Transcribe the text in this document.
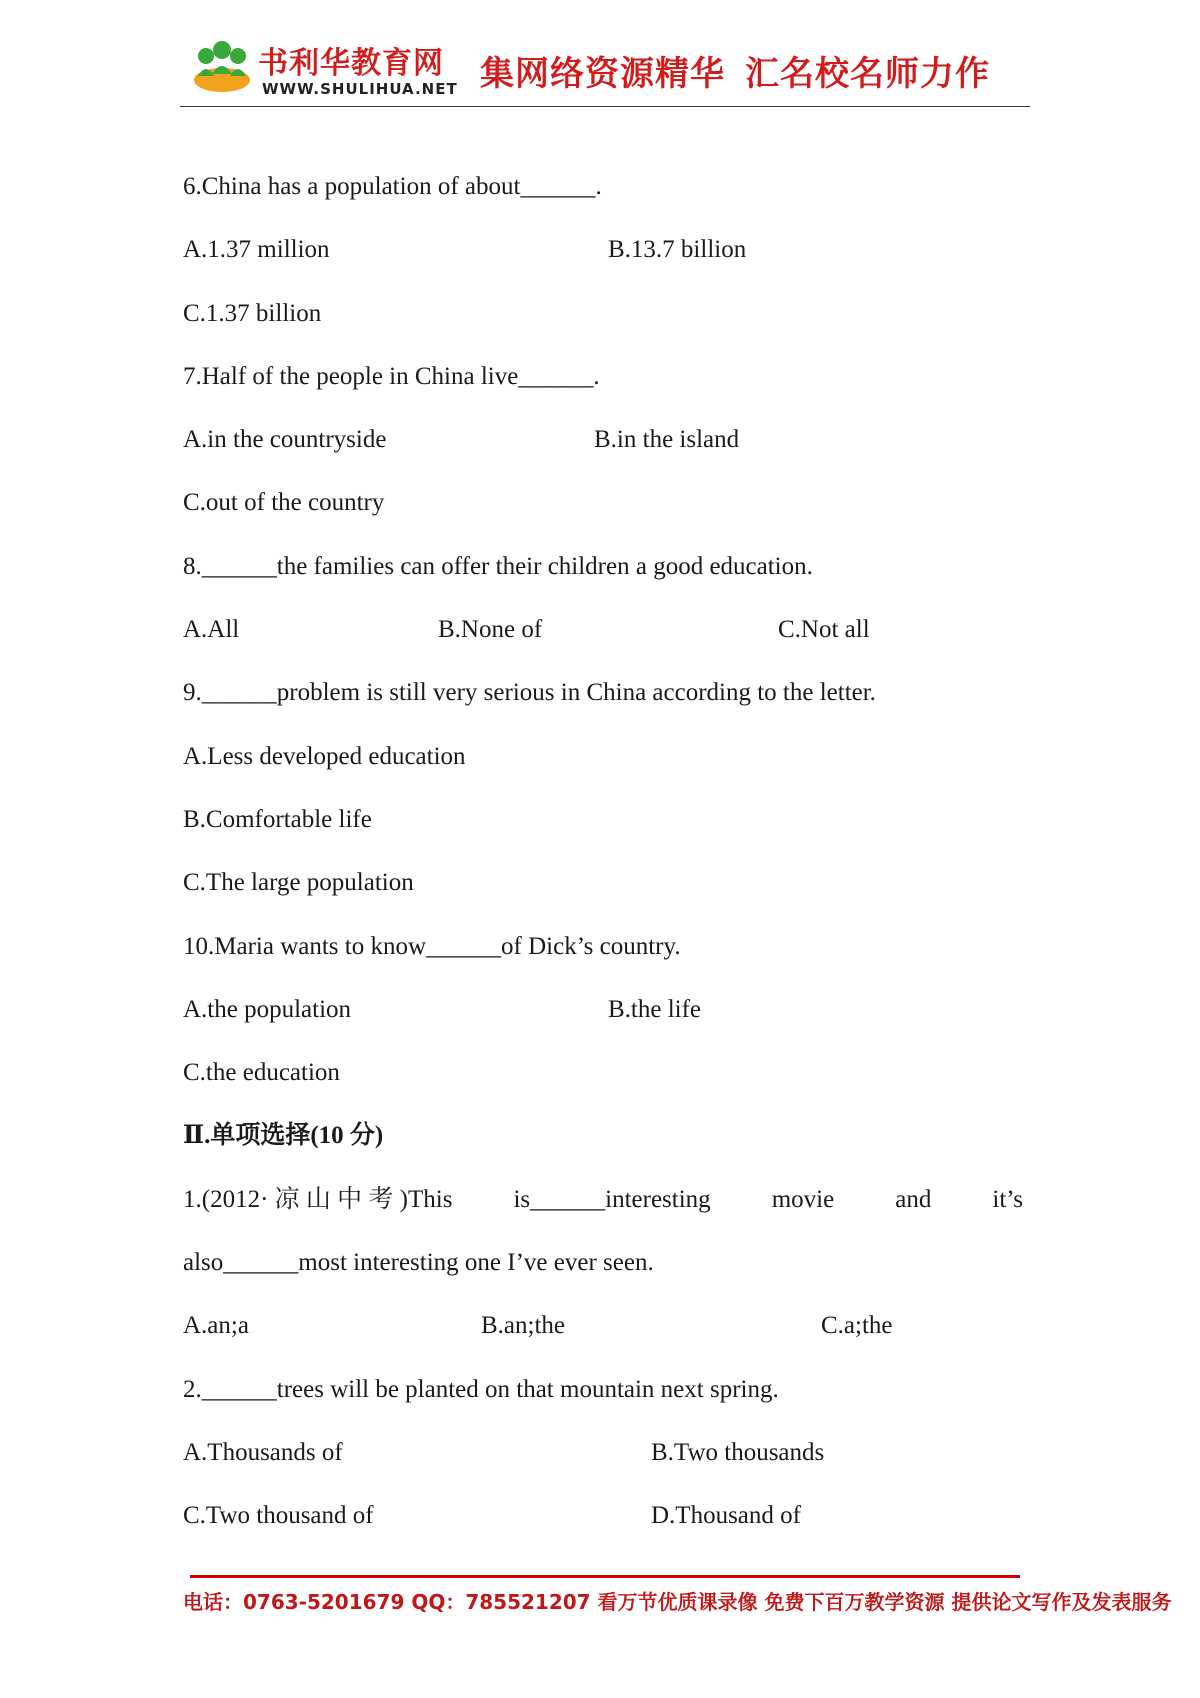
书利华教育网
WWW.SHULIHUA.NET 集网络资源精华 汇名校名师力作
6.China has a population of about______.
A.1.37 million	B.13.7 billion
C.1.37 billion
7.Half of the people in China live______.
A.in the countryside	B.in the island
C.out of the country
8.______the families can offer their children a good education.
A.All	B.None of	C.Not all
9.______problem is still very serious in China according to the letter.
A.Less developed education
B.Comfortable life
C.The large population
10.Maria wants to know______of Dick’s country.
A.the population	B.the life
C.the education
Ⅱ.单项选择(10 分)
1.(2012· 凉 山 中 考 )This is______interesting movie and it’s
also______most interesting one I’ve ever seen.
A.an;a	B.an;the	C.a;the
2.______trees will be planted on that mountain next spring.
A.Thousands of	B.Two thousands
C.Two thousand of	D.Thousand of
电话：0763-5201679 QQ：785521207 看万节优质课录像 免费下百万教学资源 提供论文写作及发表服务
